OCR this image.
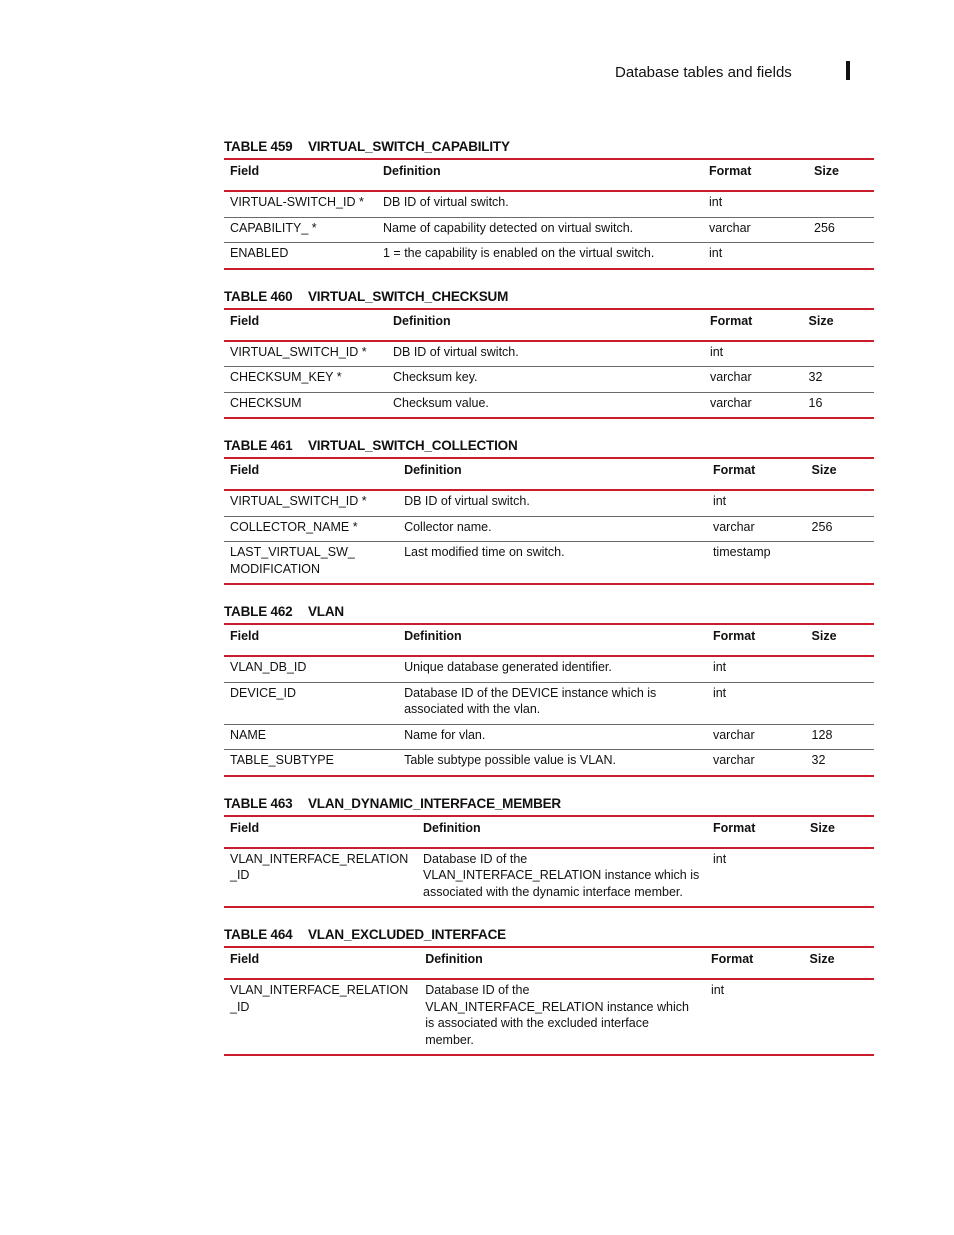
Database tables and fields
TABLE 459 VIRTUAL_SWITCH_CAPABILITY
Field	Definition	Format	Size
VIRTUAL-SWITCH_ID *	DB ID of virtual switch.	int	
CAPABILITY_ *	Name of capability detected on virtual switch.	varchar	256
ENABLED	1 = the capability is enabled on the virtual switch.	int	
TABLE 460 VIRTUAL_SWITCH_CHECKSUM
Field	Definition	Format	Size
VIRTUAL_SWITCH_ID *	DB ID of virtual switch.	int	
CHECKSUM_KEY *	Checksum key.	varchar	32
CHECKSUM	Checksum value.	varchar	16
TABLE 461 VIRTUAL_SWITCH_COLLECTION
Field	Definition	Format	Size
VIRTUAL_SWITCH_ID *	DB ID of virtual switch.	int	
COLLECTOR_NAME *	Collector name.	varchar	256
LAST_VIRTUAL_SW_ MODIFICATION	Last modified time on switch.	timestamp	
TABLE 462 VLAN
Field	Definition	Format	Size
VLAN_DB_ID	Unique database generated identifier.	int	
DEVICE_ID	Database ID of the DEVICE instance which is associated with the vlan.	int	
NAME	Name for vlan.	varchar	128
TABLE_SUBTYPE	Table subtype possible value is VLAN.	varchar	32
TABLE 463 VLAN_DYNAMIC_INTERFACE_MEMBER
Field	Definition	Format	Size
VLAN_INTERFACE_RELATION_ID	Database ID of the VLAN_INTERFACE_RELATION instance which is associated with the dynamic interface member.	int	
TABLE 464 VLAN_EXCLUDED_INTERFACE
Field	Definition	Format	Size
VLAN_INTERFACE_RELATION_ID	Database ID of the VLAN_INTERFACE_RELATION instance which is associated with the excluded interface member.	int	
